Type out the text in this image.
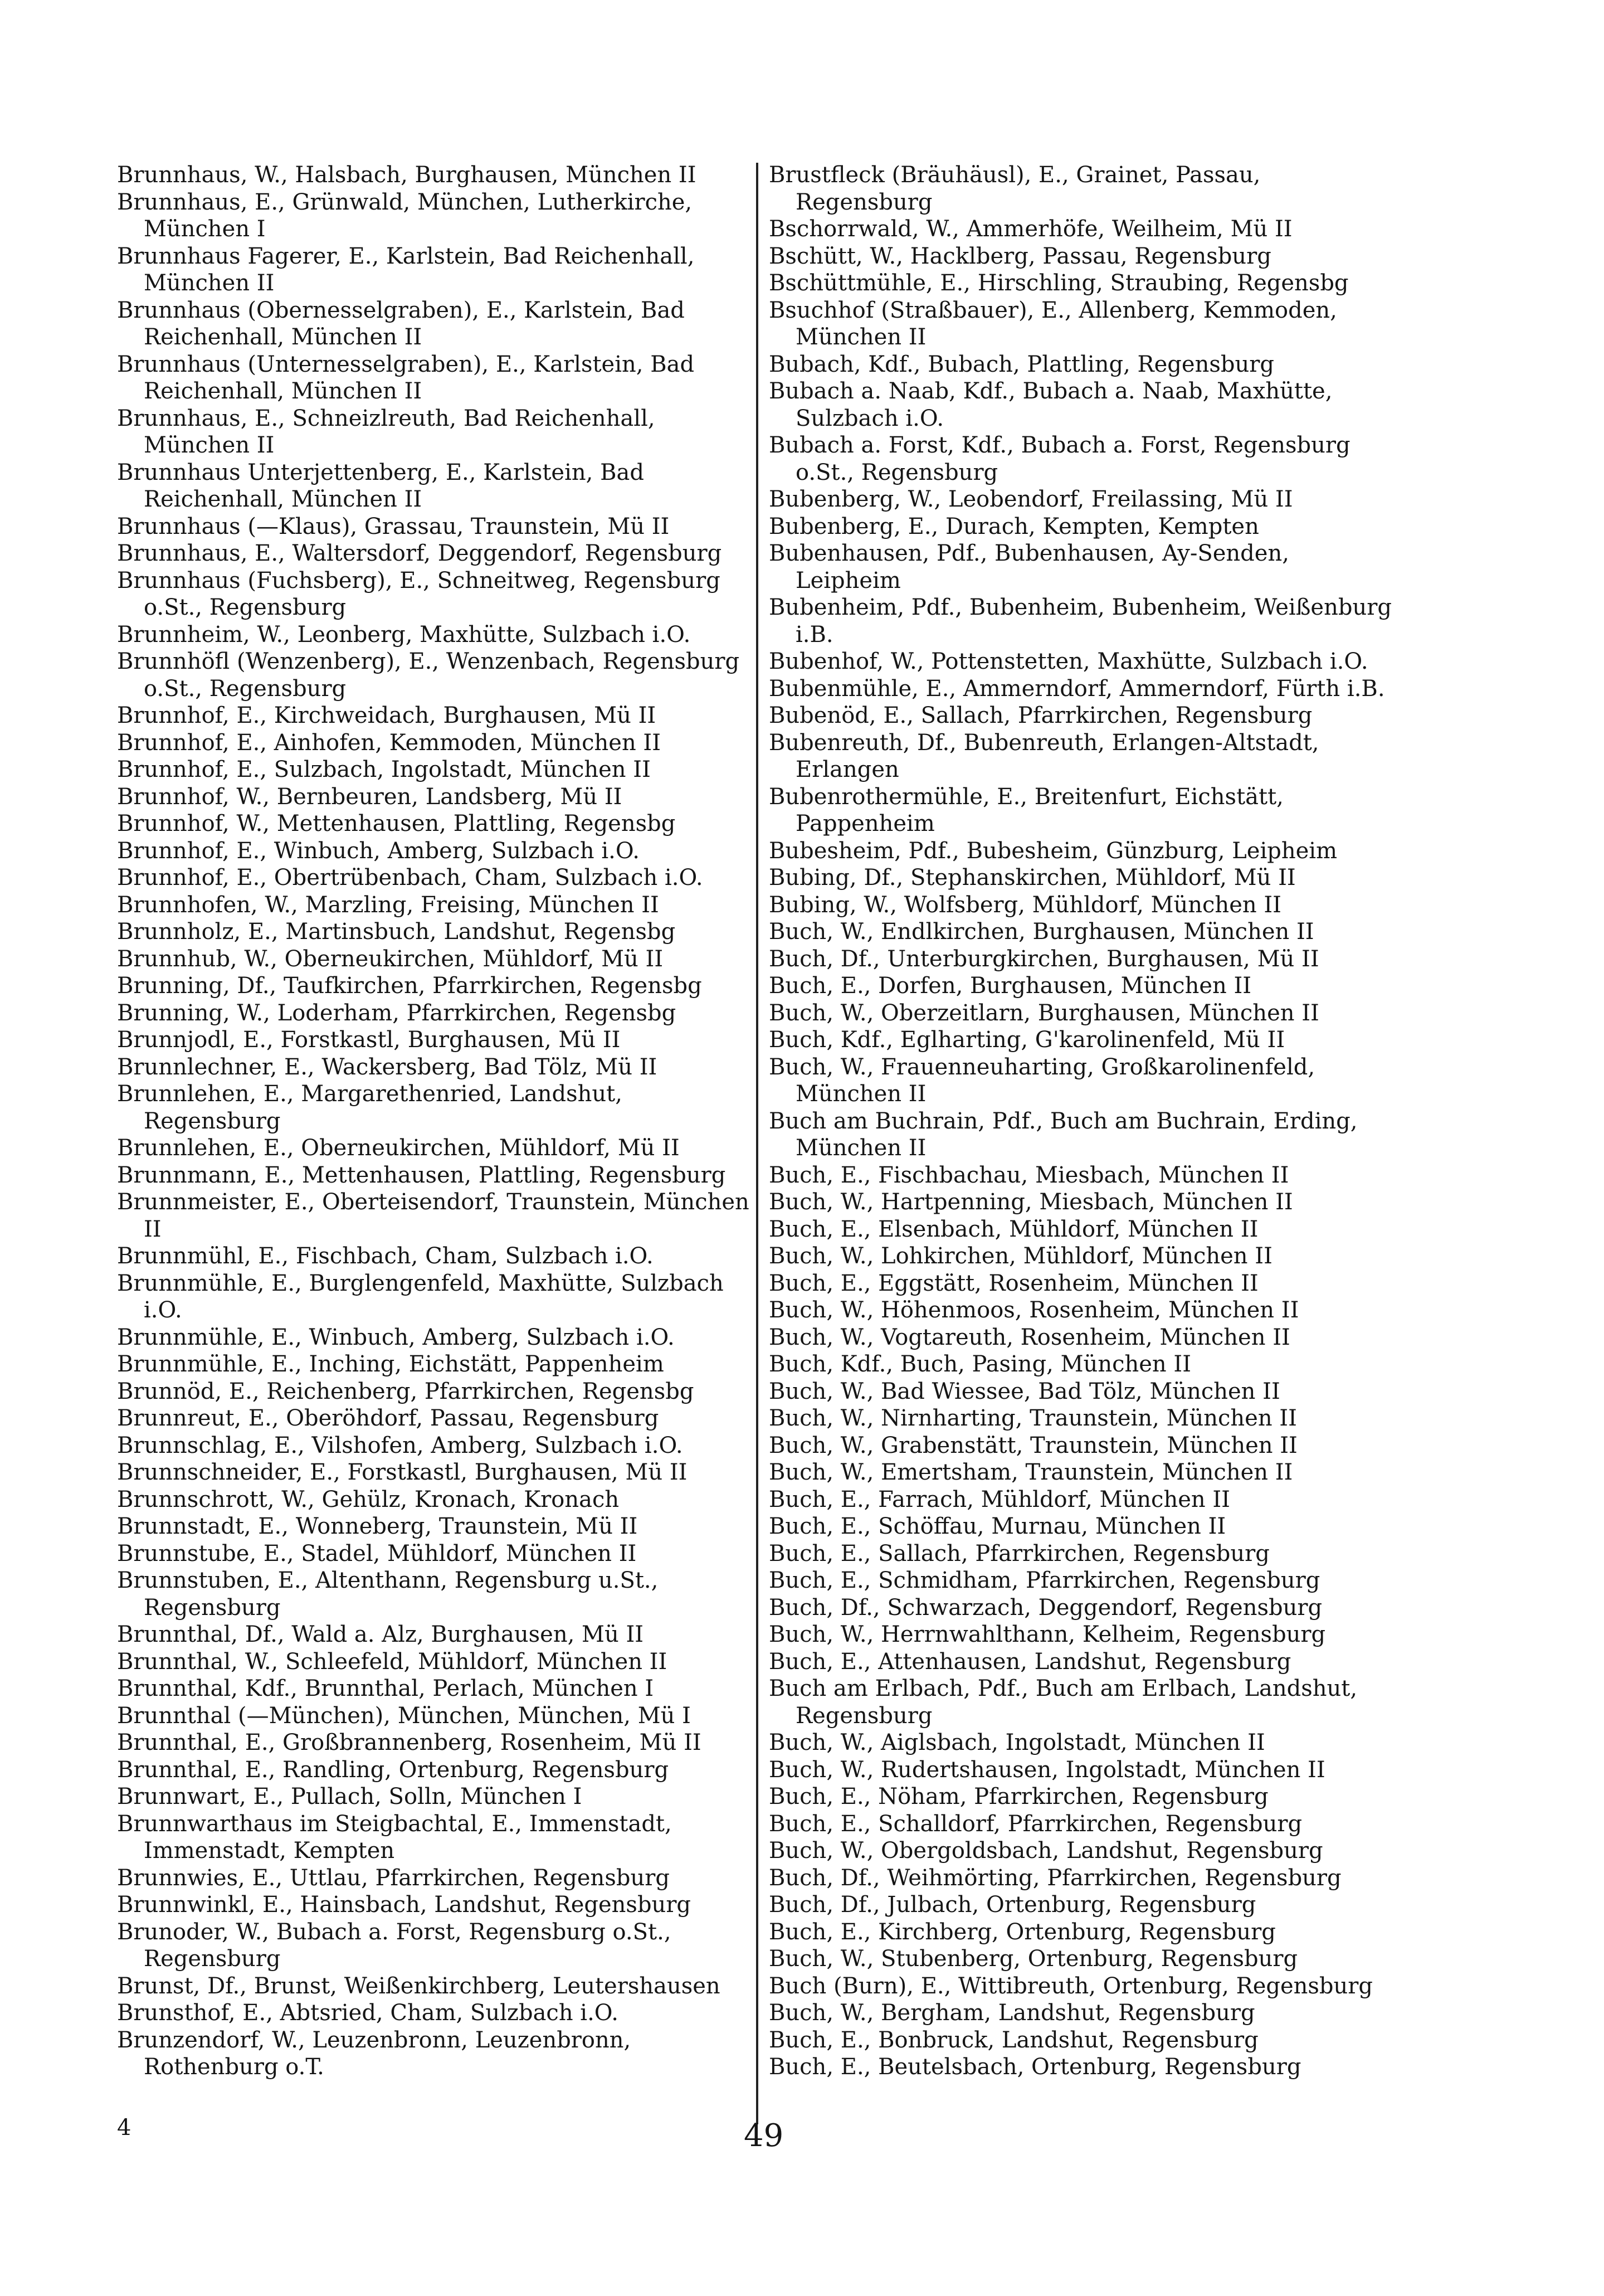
Brunnhaus, W., Halsbach, Burghausen, München II
Brunnhaus, E., Grünwald, München, Lutherkirche, München I
Brunnhaus Fagerer, E., Karlstein, Bad Reichenhall, München II
Brunnhaus (Obernesselgraben), E., Karlstein, Bad Reichenhall, München II
Brunnhaus (Unternesselgraben), E., Karlstein, Bad Reichenhall, München II
Brunnhaus, E., Schneizlreuth, Bad Reichenhall, München II
Brunnhaus Unterjettenberg, E., Karlstein, Bad Reichenhall, München II
Brunnhaus (—Klaus), Grassau, Traunstein, Mü II
Brunnhaus, E., Waltersdorf, Deggendorf, Regensburg
Brunnhaus (Fuchsberg), E., Schneitweg, Regensburg o.St., Regensburg
Brunnheim, W., Leonberg, Maxhütte, Sulzbach i.O.
Brunnhöfl (Wenzenberg), E., Wenzenbach, Regensburg o.St., Regensburg
Brunnhof, E., Kirchweidach, Burghausen, Mü II
Brunnhof, E., Ainhofen, Kemmoden, München II
Brunnhof, E., Sulzbach, Ingolstadt, München II
Brunnhof, W., Bernbeuren, Landsberg, Mü II
Brunnhof, W., Mettenhausen, Plattling, Regensbg
Brunnhof, E., Winbuch, Amberg, Sulzbach i.O.
Brunnhof, E., Obertrübenbach, Cham, Sulzbach i.O.
Brunnhofen, W., Marzling, Freising, München II
Brunnholz, E., Martinsbuch, Landshut, Regensbg
Brunnhub, W., Oberneukirchen, Mühldorf, Mü II
Brunning, Df., Taufkirchen, Pfarrkirchen, Regensbg
Brunning, W., Loderham, Pfarrkirchen, Regensbg
Brunnjodl, E., Forstkastl, Burghausen, Mü II
Brunnlechner, E., Wackersberg, Bad Tölz, Mü II
Brunnlehen, E., Margarethenried, Landshut, Regensburg
Brunnlehen, E., Oberneukirchen, Mühldorf, Mü II
Brunnmann, E., Mettenhausen, Plattling, Regensburg
Brunnmeister, E., Oberteisendorf, Traunstein, München II
Brunnmühl, E., Fischbach, Cham, Sulzbach i.O.
Brunnmühle, E., Burglengenfeld, Maxhütte, Sulzbach i.O.
Brunnmühle, E., Winbuch, Amberg, Sulzbach i.O.
Brunnmühle, E., Inching, Eichstätt, Pappenheim
Brunnöd, E., Reichenberg, Pfarrkirchen, Regensbg
Brunnreut, E., Oberöhdorf, Passau, Regensburg
Brunnschlag, E., Vilshofen, Amberg, Sulzbach i.O.
Brunnschneider, E., Forstkastl, Burghausen, Mü II
Brunnschrott, W., Gehülz, Kronach, Kronach
Brunnstadt, E., Wonneberg, Traunstein, Mü II
Brunnstube, E., Stadel, Mühldorf, München II
Brunnstuben, E., Altenthann, Regensburg u.St., Regensburg
Brunnthal, Df., Wald a. Alz, Burghausen, Mü II
Brunnthal, W., Schleefeld, Mühldorf, München II
Brunnthal, Kdf., Brunnthal, Perlach, München I
Brunnthal (—München), München, München, Mü I
Brunnthal, E., Großbrannenberg, Rosenheim, Mü II
Brunnthal, E., Randling, Ortenburg, Regensburg
Brunnwart, E., Pullach, Solln, München I
Brunnwarthaus im Steigbachtal, E., Immenstadt, Immenstadt, Kempten
Brunnwies, E., Uttlau, Pfarrkirchen, Regensburg
Brunnwinkl, E., Hainsbach, Landshut, Regensburg
Brunoder, W., Bubach a. Forst, Regensburg o.St., Regensburg
Brunst, Df., Brunst, Weißenkirchberg, Leutershausen
Brunsthof, E., Abtsried, Cham, Sulzbach i.O.
Brunzendorf, W., Leuzenbronn, Leuzenbronn, Rothenburg o.T.
Brustfleck (Bräuhäusl), E., Grainet, Passau, Regensburg
Bschorrwald, W., Ammerhöfe, Weilheim, Mü II
Bschütt, W., Hacklberg, Passau, Regensburg
Bschüttmühle, E., Hirschling, Straubing, Regensbg
Bsuchhof (Straßbauer), E., Allenberg, Kemmoden, München II
Bubach, Kdf., Bubach, Plattling, Regensburg
Bubach a. Naab, Kdf., Bubach a. Naab, Maxhütte, Sulzbach i.O.
Bubach a. Forst, Kdf., Bubach a. Forst, Regensburg o.St., Regensburg
Bubenberg, W., Leobendorf, Freilassing, Mü II
Bubenberg, E., Durach, Kempten, Kempten
Bubenhausen, Pdf., Bubenhausen, Ay-Senden, Leipheim
Bubenheim, Pdf., Bubenheim, Bubenheim, Weißenburg i.B.
Bubenhof, W., Pottenstetten, Maxhütte, Sulzbach i.O.
Bubenmühle, E., Ammerndorf, Ammerndorf, Fürth i.B.
Bubenöd, E., Sallach, Pfarrkirchen, Regensburg
Bubenreuth, Df., Bubenreuth, Erlangen-Altstadt, Erlangen
Bubenrothermühle, E., Breitenfurt, Eichstätt, Pappenheim
Bubesheim, Pdf., Bubesheim, Günzburg, Leipheim
Bubing, Df., Stephanskirchen, Mühldorf, Mü II
Bubing, W., Wolfsberg, Mühldorf, München II
Buch, W., Endlkirchen, Burghausen, München II
Buch, Df., Unterburgkirchen, Burghausen, Mü II
Buch, E., Dorfen, Burghausen, München II
Buch, W., Oberzeitlarn, Burghausen, München II
Buch, Kdf., Eglharting, G'karolinenfeld, Mü II
Buch, W., Frauenneuharting, Großkarolinenfeld, München II
Buch am Buchrain, Pdf., Buch am Buchrain, Erding, München II
Buch, E., Fischbachau, Miesbach, München II
Buch, W., Hartpenning, Miesbach, München II
Buch, E., Elsenbach, Mühldorf, München II
Buch, W., Lohkirchen, Mühldorf, München II
Buch, E., Eggstätt, Rosenheim, München II
Buch, W., Höhenmoos, Rosenheim, München II
Buch, W., Vogtareuth, Rosenheim, München II
Buch, Kdf., Buch, Pasing, München II
Buch, W., Bad Wiessee, Bad Tölz, München II
Buch, W., Nirnharting, Traunstein, München II
Buch, W., Grabenstätt, Traunstein, München II
Buch, W., Emertsham, Traunstein, München II
Buch, E., Farrach, Mühldorf, München II
Buch, E., Schöffau, Murnau, München II
Buch, E., Sallach, Pfarrkirchen, Regensburg
Buch, E., Schmidham, Pfarrkirchen, Regensburg
Buch, Df., Schwarzach, Deggendorf, Regensburg
Buch, W., Herrnwahlthann, Kelheim, Regensburg
Buch, E., Attenhausen, Landshut, Regensburg
Buch am Erlbach, Pdf., Buch am Erlbach, Landshut, Regensburg
Buch, W., Aiglsbach, Ingolstadt, München II
Buch, W., Rudertshausen, Ingolstadt, München II
Buch, E., Nöham, Pfarrkirchen, Regensburg
Buch, E., Schalldorf, Pfarrkirchen, Regensburg
Buch, W., Obergoldsbach, Landshut, Regensburg
Buch, Df., Weihmörting, Pfarrkirchen, Regensburg
Buch, Df., Julbach, Ortenburg, Regensburg
Buch, E., Kirchberg, Ortenburg, Regensburg
Buch, W., Stubenberg, Ortenburg, Regensburg
Buch (Burn), E., Wittibreuth, Ortenburg, Regensburg
Buch, W., Bergham, Landshut, Regensburg
Buch, E., Bonbruck, Landshut, Regensburg
Buch, E., Beutelsbach, Ortenburg, Regensburg
4	49
